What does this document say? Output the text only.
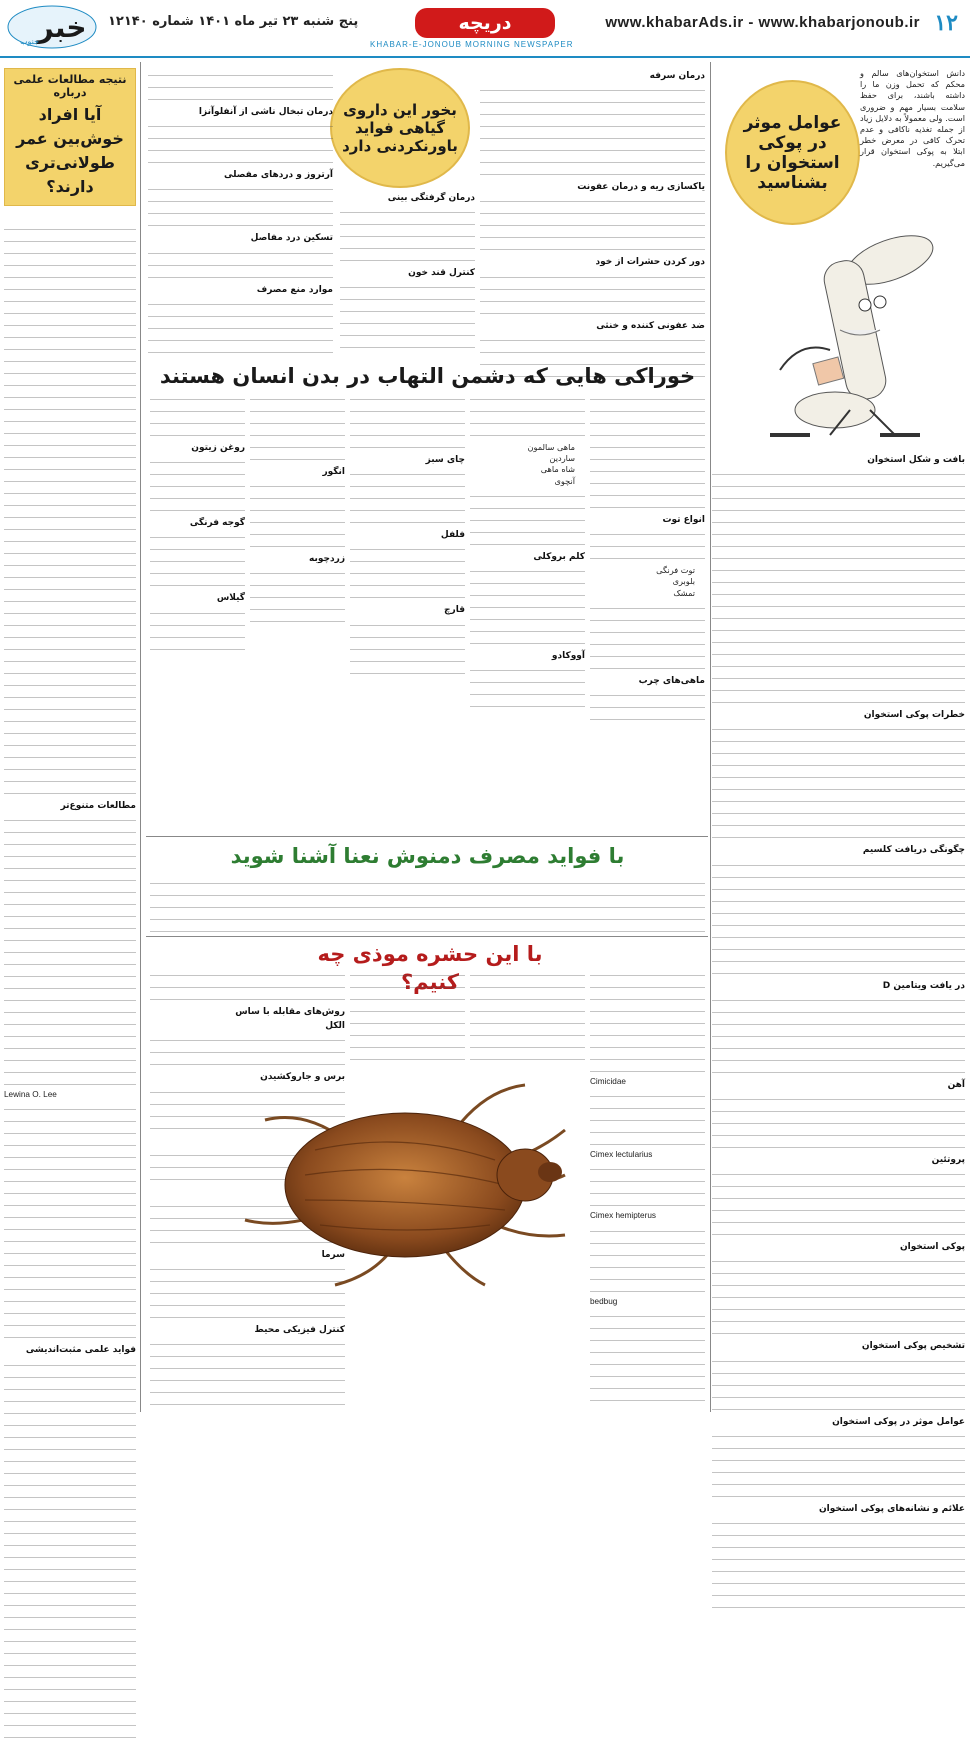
۱۲
www.khabarAds.ir - www.khabarjonoub.ir
دریچه
پنج شنبه ۲۳ تیر ماه ۱۴۰۱ شماره ۱۲۱۴۰
KHABAR-E-JONOUB MORNING NEWSPAPER
خبر
جنوب
عوامل موثر در پوکی استخوان را بشناسید

دانش استخوان‌های سالم و محکم که تحمل وزن ما را داشته باشند، برای حفظ سلامت بسیار مهم و ضروری است. ولی معمولاً به دلایل زیاد از جمله تغذیه ناکافی و عدم تحرک کافی در معرض خطر ابتلا به پوکی استخوان قرار می‌گیریم.

بافت و شکل استخوان
خطرات پوکی استخوان
چگونگی دریافت کلسیم
در یافت ویتامین D
آهن
پروتئین
پوکی استخوان
تشخیص پوکی استخوان
عوامل موثر در پوکی استخوان
علائم و نشانه‌های پوکی استخوان
بخور این داروی گیاهی فواید باورنکردنی دارد
درمان سرفه
یاکسازی ریه و درمان عفونت
دور کردن حشرات از خود
ضد عفونی کننده و خنثی
درمان گرفتگی بینی
کنترل قند خون
درمان تبخال ناشی از آنفلوآنزا
آرتروز و دردهای مفصلی
تسکین درد مفاصل
موارد منع مصرف
خوراکی هایی که دشمن التهاب در بدن انسان هستند
انواع توت

توت فرنگی
بلوبری
تمشک

ماهی‌های چرب

ماهی سالمون
ساردین
شاه ماهی
آنچوی

کلم بروکلی
آووکادو
چای سبز
فلفل
قارچ
انگور
زردچوبه
روغن زیتون
گوجه فرنگی
گیلاس
با فواید مصرف دمنوش نعنا آشنا شوید
با این حشره موذی چه کنیم؟

Cimicidae

Cimex lectularius

Cimex hemipterus

bedbug

روش‌های مقابله با ساس
الکل
برس و جاروکشیدن
سرما
کنترل فیزیکی محیط
نتیجه مطالعات علمی درباره
آیا افراد خوش‌بین عمر طولانی‌تری دارند؟
مطالعات متنوع‌تر

Lewina O. Lee

فواید علمی مثبت‌اندیشی
